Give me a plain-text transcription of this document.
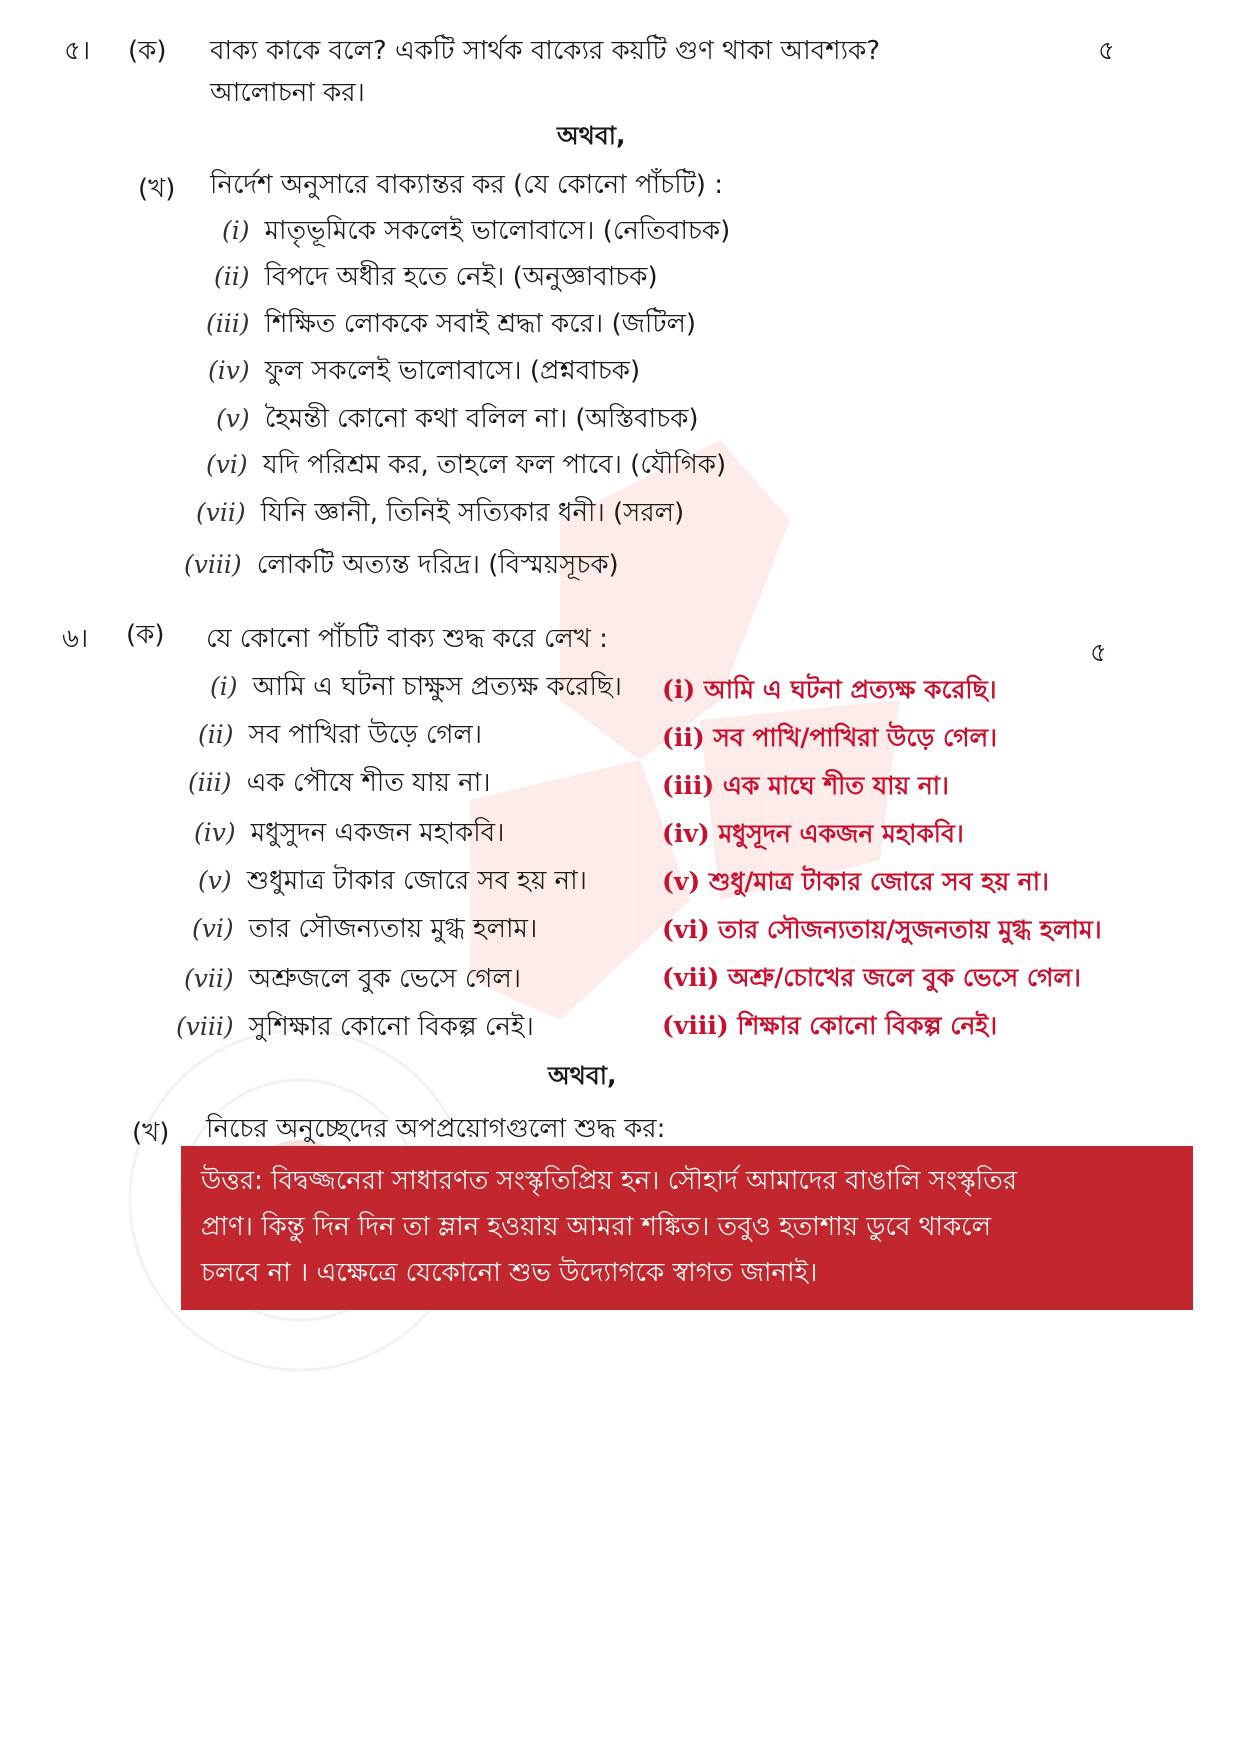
৫। (ক) বাক্য কাকে বলে? একটি সার্থক বাক্যের কয়টি গুণ থাকা আবশ্যক?
আলোচনা কর।
৫
অথবা,
(খ) নির্দেশ অনুসারে বাক্যান্তর কর (যে কোনো পাঁচটি) :
(i) মাতৃভূমিকে সকলেই ভালোবাসে। (নেতিবাচক)
(ii) বিপদে অধীর হতে নেই। (অনুজ্ঞাবাচক)
(iii) শিক্ষিত লোককে সবাই শ্রদ্ধা করে। (জটিল)
(iv) ফুল সকলেই ভালোবাসে। (প্রশ্নবাচক)
(v) হৈমন্তী কোনো কথা বলিল না। (অস্তিবাচক)
(vi) যদি পরিশ্রম কর, তাহলে ফল পাবে। (যৌগিক)
(vii) যিনি জ্ঞানী, তিনিই সত্যিকার ধনী। (সরল)
(viii) লোকটি অত্যন্ত দরিদ্র। (বিস্ময়সূচক)
৬। (ক) যে কোনো পাঁচটি বাক্য শুদ্ধ করে লেখ :	৫
(i) আমি এ ঘটনা চাক্ষুস প্রত্যক্ষ করেছি। (i) আমি এ ঘটনা প্রত্যক্ষ করেছি।
(ii) সব পাখিরা উড়ে গেল।	(ii) সব পাখি/পাখিরা উড়ে গেল।
(iii) এক পৌষে শীত যায় না।	(iii) এক মাঘে শীত যায় না।
(iv) মধুসুদন একজন মহাকবি।	(iv) মধুসূদন একজন মহাকবি।
(v) শুধুমাত্র টাকার জোরে সব হয় না।	(v) শুধু/মাত্র টাকার জোরে সব হয় না।
(vi) তার সৌজন্যতায় মুগ্ধ হলাম।	(vi) তার সৌজন্যতায়/সুজনতায় মুগ্ধ হলাম।
(vii) অশ্রুজলে বুক ভেসে গেল।	(vii) অশ্রু/চোখের জলে বুক ভেসে গেল।
(viii) সুশিক্ষার কোনো বিকল্প নেই।	(viii) শিক্ষার কোনো বিকল্প নেই।
অথবা,
(খ) নিচের অনুচ্ছেদের অপপ্রয়োগগুলো শুদ্ধ কর:
উত্তর: বিদ্বজ্জনেরা সাধারণত সংস্কৃতিপ্রিয় হন। সৌহার্দ আমাদের বাঙালি সংস্কৃতির
প্রাণ। কিন্তু দিন দিন তা ম্লান হওয়ায় আমরা শঙ্কিত। তবুও হতাশায় ডুবে থাকলে
চলবে না । এক্ষেত্রে যেকোনো শুভ উদ্যোগকে স্বাগত জানাই।
